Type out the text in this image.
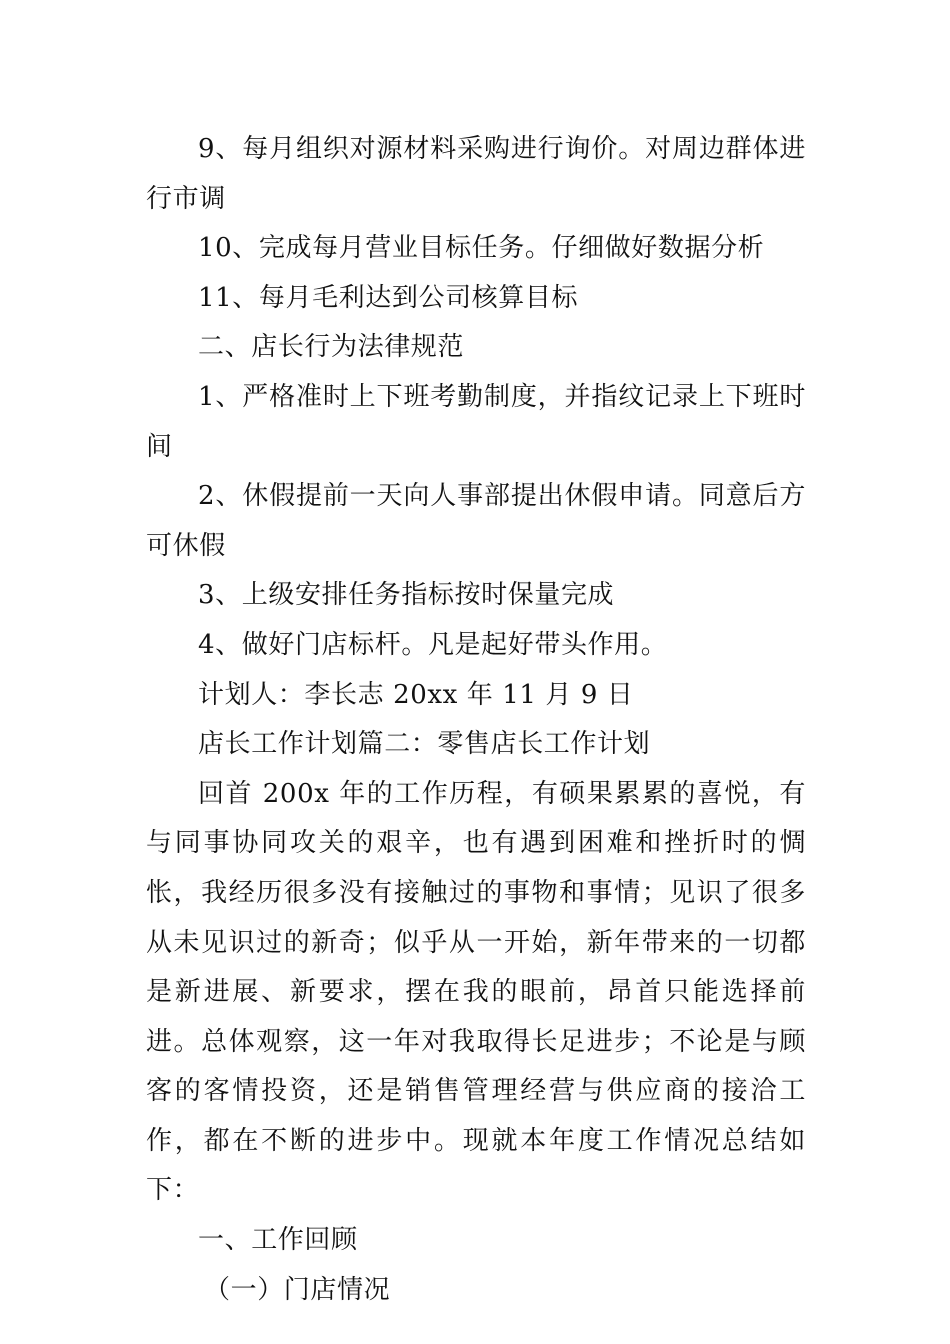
9、每月组织对源材料采购进行询价。对周边群体进行市调

10、完成每月营业目标任务。仔细做好数据分析

11、每月毛利达到公司核算目标

二、店长行为法律规范

1、严格准时上下班考勤制度，并指纹记录上下班时间

2、休假提前一天向人事部提出休假申请。同意后方可休假

3、上级安排任务指标按时保量完成

4、做好门店标杆。凡是起好带头作用。

计划人：李长志 20xx 年 11 月 9 日

店长工作计划篇二：零售店长工作计划

回首 200x 年的工作历程，有硕果累累的喜悦，有与同事协同攻关的艰辛，也有遇到困难和挫折时的惆怅，我经历很多没有接触过的事物和事情；见识了很多从未见识过的新奇；似乎从一开始，新年带来的一切都是新进展、新要求，摆在我的眼前，昂首只能选择前进。总体观察，这一年对我取得长足进步；不论是与顾客的客情投资，还是销售管理经营与供应商的接洽工作，都在不断的进步中。现就本年度工作情况总结如下：

一、工作回顾

（一）门店情况
